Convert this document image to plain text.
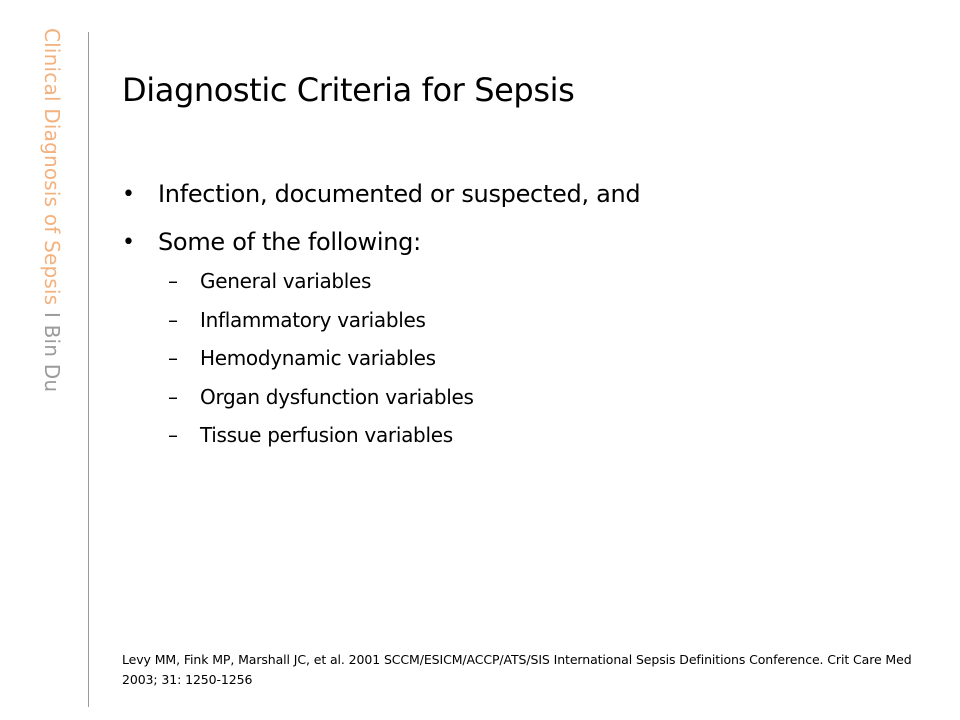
Clinical Diagnosis of Sepsis I Bin Du
Diagnostic Criteria for Sepsis
• Infection, documented or suspected, and
• Some of the following:
–	General variables
–	Inflammatory variables
–	Hemodynamic variables
–	Organ dysfunction variables
–	Tissue perfusion variables
Levy MM, Fink MP, Marshall JC, et al. 2001 SCCM/ESICM/ACCP/ATS/SIS International Sepsis Definitions Conference. Crit Care Med 2003; 31: 1250-1256
